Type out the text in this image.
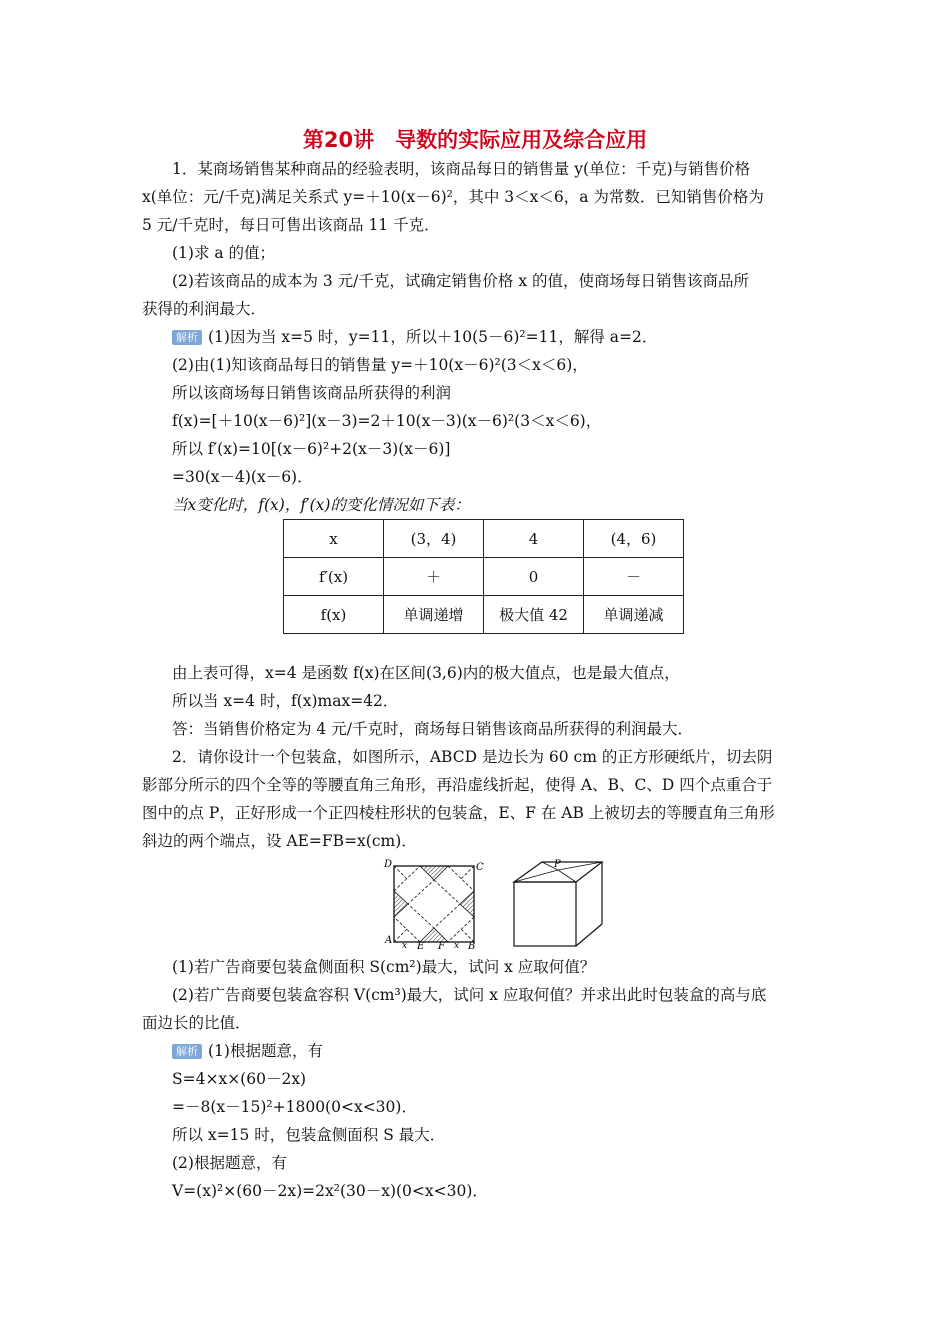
第20讲　导数的实际应用及综合应用
1．某商场销售某种商品的经验表明，该商品每日的销售量 y(单位：千克)与销售价格
x(单位：元/千克)满足关系式 y=＋10(x－6)²，其中 3＜x＜6，a 为常数．已知销售价格为
5 元/千克时，每日可售出该商品 11 千克．
(1)求 a 的值；
(2)若该商品的成本为 3 元/千克，试确定销售价格 x 的值，使商场每日销售该商品所
获得的利润最大．
解析 (1)因为当 x=5 时，y=11，所以＋10(5－6)²=11，解得 a=2．
(2)由(1)知该商品每日的销售量 y=＋10(x－6)²(3＜x＜6)，
所以该商场每日销售该商品所获得的利润
f(x)=[＋10(x－6)²](x－3)=2＋10(x－3)(x－6)²(3＜x＜6)，
所以 f′(x)=10[(x－6)²+2(x－3)(x－6)]
=30(x－4)(x－6)．
当x变化时，f(x)，f′(x)的变化情况如下表：
x	(3，4)	4	(4，6)
f′(x)	＋	0	－
f(x)	单调递增	极大值 42	单调递减
由上表可得，x=4 是函数 f(x)在区间(3,6)内的极大值点，也是最大值点，
所以当 x=4 时，f(x)max=42．
答：当销售价格定为 4 元/千克时，商场每日销售该商品所获得的利润最大．
2．请你设计一个包装盒，如图所示，ABCD 是边长为 60 cm 的正方形硬纸片，切去阴
影部分所示的四个全等的等腰直角三角形，再沿虚线折起，使得 A、B、C、D 四个点重合于
图中的点 P，正好形成一个正四棱柱形状的包装盒，E、F 在 AB 上被切去的等腰直角三角形
斜边的两个端点，设 AE=FB=x(cm)．
D	C
A
B
E F
x	x
P
(1)若广告商要包装盒侧面积 S(cm²)最大，试问 x 应取何值？
(2)若广告商要包装盒容积 V(cm³)最大，试问 x 应取何值？并求出此时包装盒的高与底
面边长的比值．
解析 (1)根据题意，有
S=4×x×(60－2x)
=－8(x－15)²+1800(0<x<30)．
所以 x=15 时，包装盒侧面积 S 最大．
(2)根据题意，有
V=(x)²×(60－2x)=2x²(30－x)(0<x<30)．
